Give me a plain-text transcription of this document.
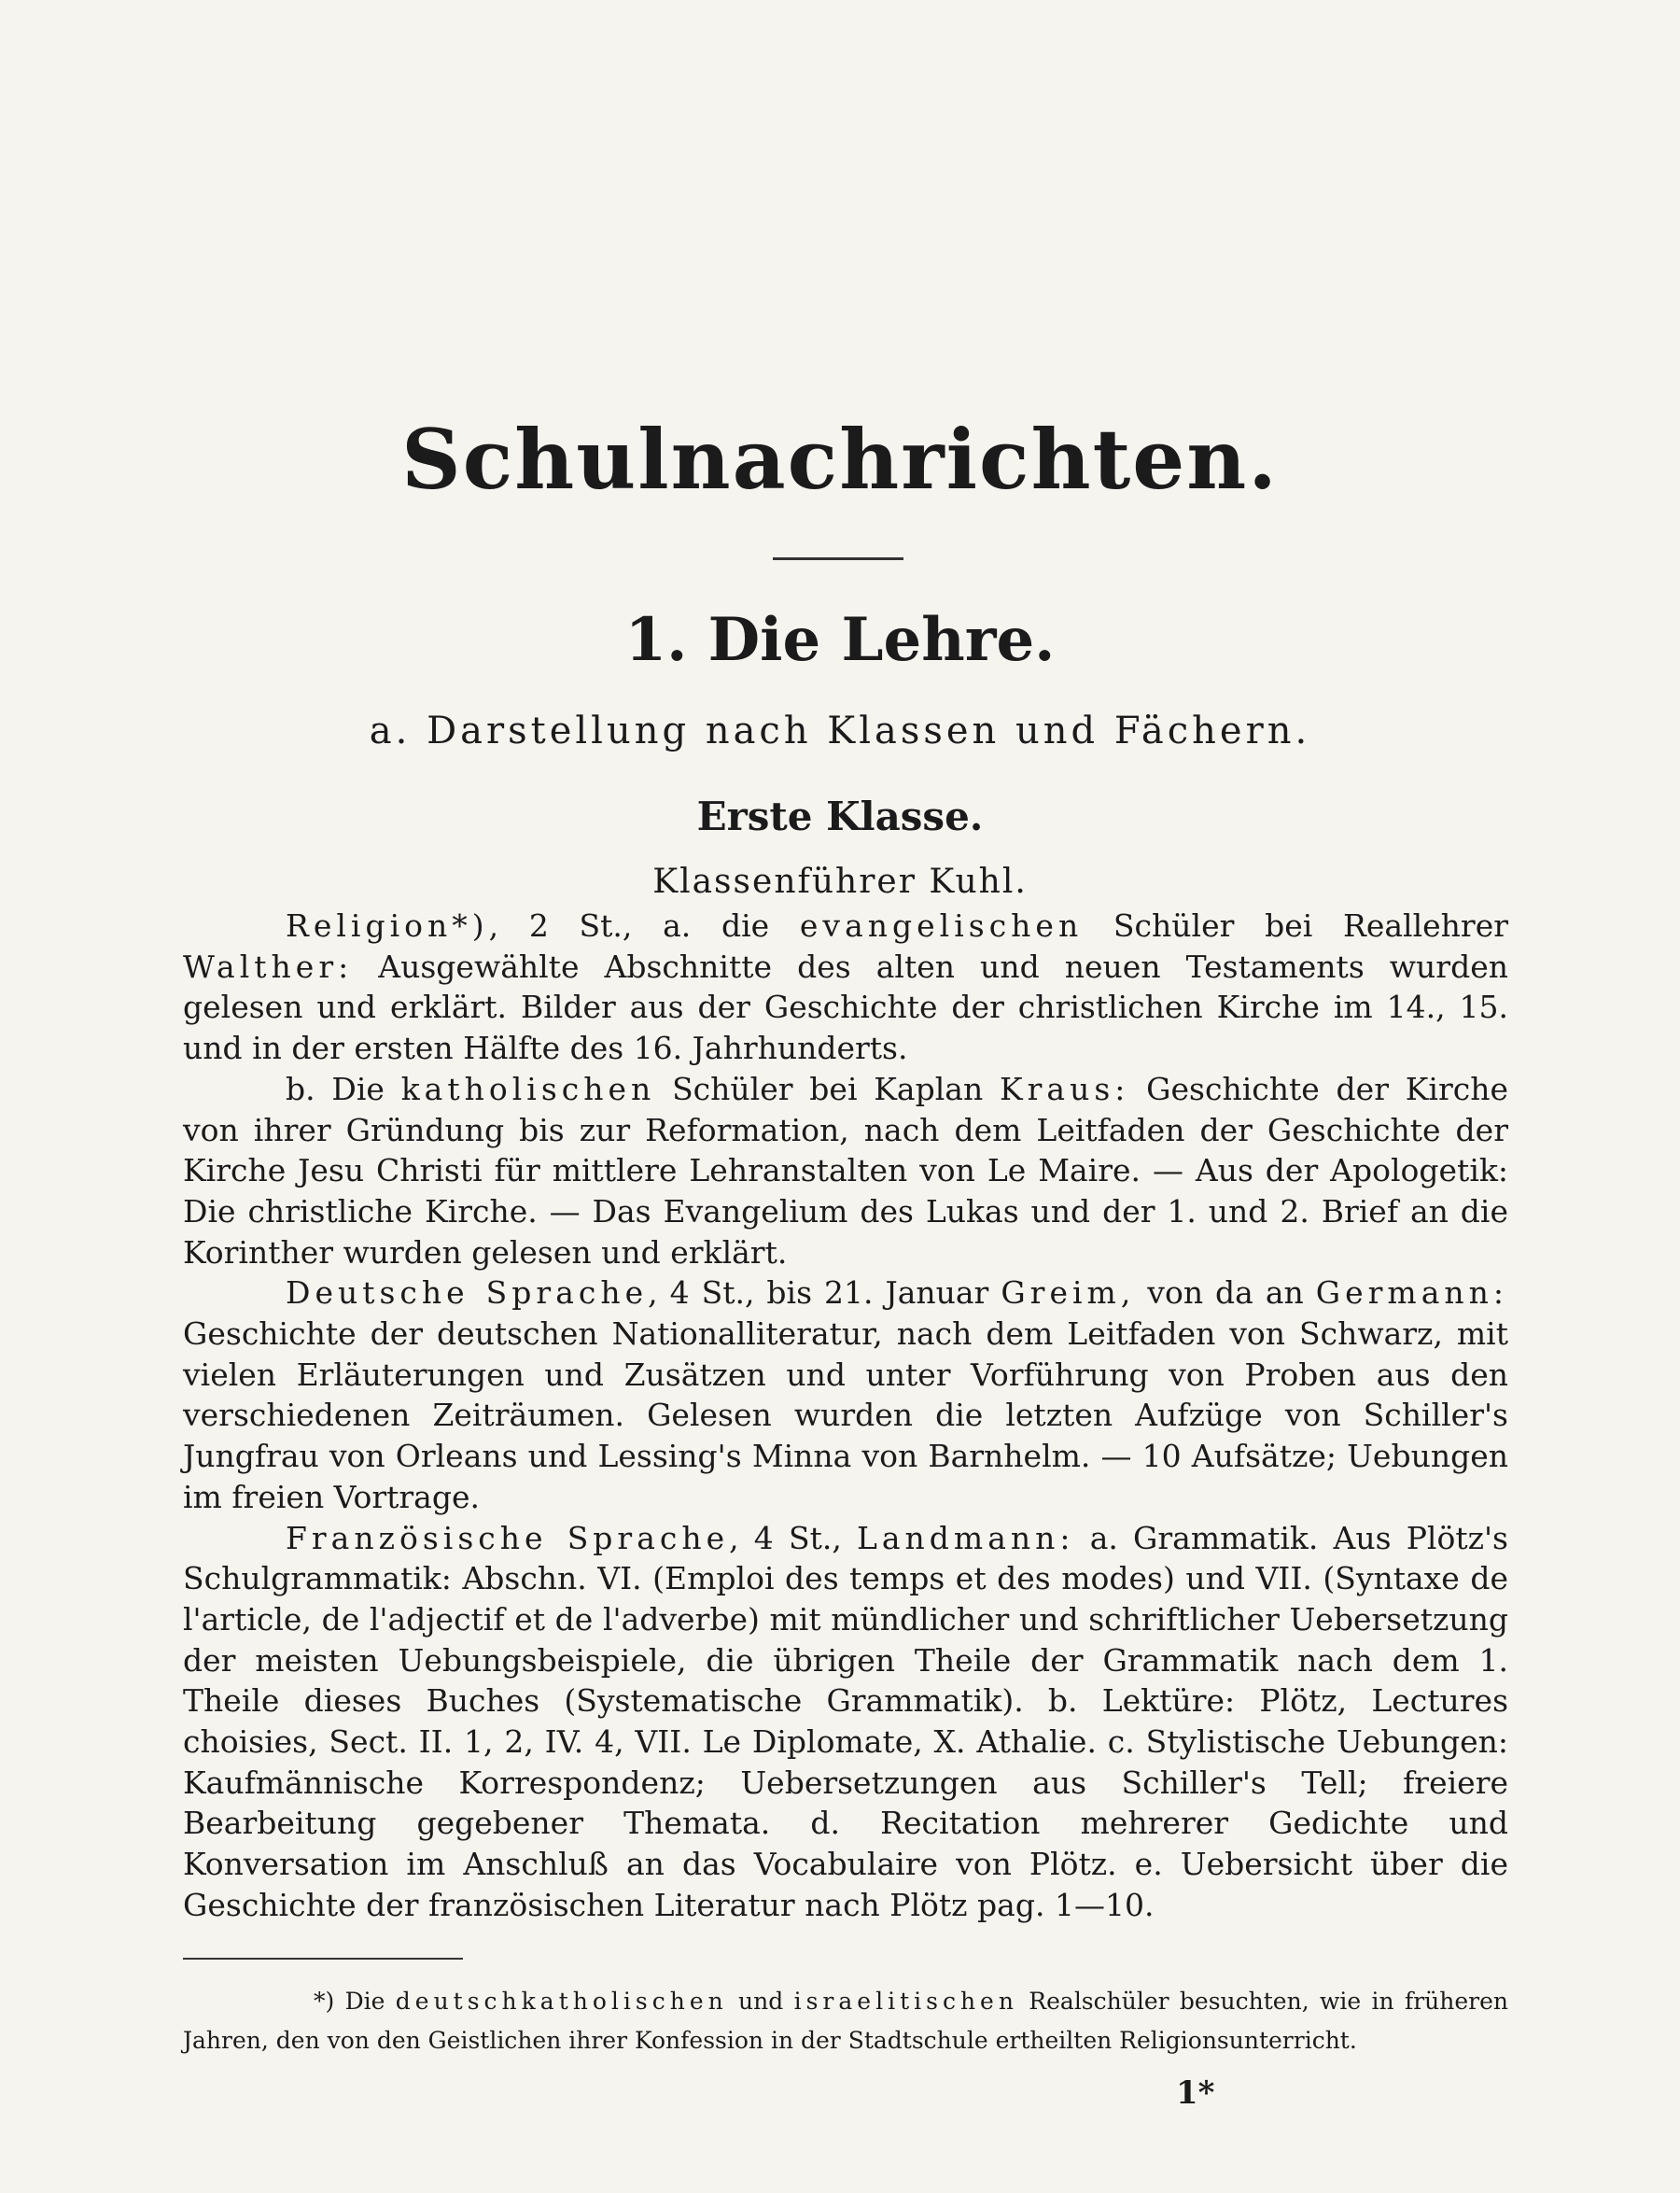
Schulnachrichten.
1. Die Lehre.
a. Darstellung nach Klassen und Fächern.
Erste Klasse.
Klassenführer Kuhl.

Religion*), 2 St., a. die evangelischen Schüler bei Reallehrer Walther: Ausgewählte Abschnitte des alten und neuen Testaments wurden gelesen und erklärt. Bilder aus der Geschichte der christlichen Kirche im 14., 15. und in der ersten Hälfte des 16. Jahrhunderts.

b. Die katholischen Schüler bei Kaplan Kraus: Geschichte der Kirche von ihrer Gründung bis zur Reformation, nach dem Leitfaden der Geschichte der Kirche Jesu Christi für mittlere Lehranstalten von Le Maire. — Aus der Apologetik: Die christliche Kirche. — Das Evangelium des Lukas und der 1. und 2. Brief an die Korinther wurden gelesen und erklärt.

Deutsche Sprache, 4 St., bis 21. Januar Greim, von da an Germann: Geschichte der deutschen Nationalliteratur, nach dem Leitfaden von Schwarz, mit vielen Erläuterungen und Zusätzen und unter Vorführung von Proben aus den verschiedenen Zeiträumen. Gelesen wurden die letzten Aufzüge von Schiller's Jungfrau von Orleans und Lessing's Minna von Barnhelm. — 10 Aufsätze; Uebungen im freien Vortrage.

Französische Sprache, 4 St., Landmann: a. Grammatik. Aus Plötz's Schulgrammatik: Abschn. VI. (Emploi des temps et des modes) und VII. (Syntaxe de l'article, de l'adjectif et de l'adverbe) mit mündlicher und schriftlicher Uebersetzung der meisten Uebungsbeispiele, die übrigen Theile der Grammatik nach dem 1. Theile dieses Buches (Systematische Grammatik). b. Lektüre: Plötz, Lectures choisies, Sect. II. 1, 2, IV. 4, VII. Le Diplomate, X. Athalie. c. Stylistische Uebungen: Kaufmännische Korrespondenz; Uebersetzungen aus Schiller's Tell; freiere Bearbeitung gegebener Themata. d. Recitation mehrerer Gedichte und Konversation im Anschluß an das Vocabulaire von Plötz. e. Uebersicht über die Geschichte der französischen Literatur nach Plötz pag. 1—10.

*) Die deutschkatholischen und israelitischen Realschüler besuchten, wie in früheren Jahren, den von den Geistlichen ihrer Konfession in der Stadtschule ertheilten Religionsunterricht.

1*
